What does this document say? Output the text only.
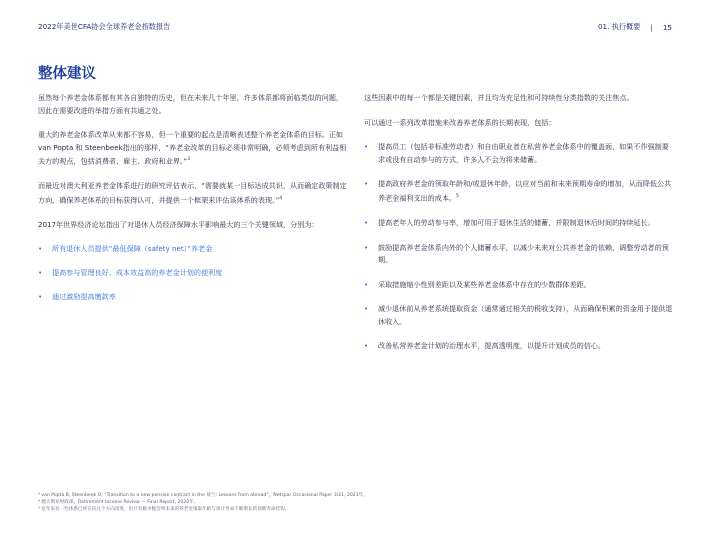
2022年美世CFA协会全球养老金指数报告	01. 执行概要 | 15
整体建议

虽然每个养老金体系都有其各自独特的历史，但在未来几十年里，许多体系都将面临类似的问题，因此在需要改进的举措方面有共通之处。

重大的养老金体系改革从来都不容易，但一个重要的起点是清晰表述整个养老金体系的目标。正如van Popta 和 Steenbeek指出的那样，“养老金改革的目标必须非常明确，必须考虑到所有利益相关方的观点，包括消费者、雇主、政府和业界。”$^3$

而最近对澳大利亚养老金体系进行的研究评估表示，“需要就某一目标达成共识，从而确定政策制定方向，确保养老体系的目标获得认可，并提供一个框架来评估该体系的表现。”$^4$

2017年世界经济论坛指出了对退休人员经济保障水平影响最大的三个关键领域，分别为：

• 所有退休人员提供“最低保障（safety net）”养老金
• 提高参与管理良好、成本效益高的养老金计划的便利度
• 通过激励提高缴款率

这些因素中的每一个都是关键因素，并且均为充足性和可持续性分类指数的关注焦点。

可以通过一系列改革措施来改善养老体系的长期表现，包括：

• 提高员工（包括非标准劳动者）和自由职业者在私营养老金体系中的覆盖面，如果不作强制要求或没有自动参与的方式，许多人不会为将来储蓄。
• 提高政府养老金的领取年龄和/或退休年龄，以应对当前和未来预期寿命的增加，从而降低公共养老金福利支出的成本。$^5$
• 提高老年人的劳动参与率，增加可用于退休生活的储蓄，并限制退休后时间的持续延长。
• 鼓励提高养老金体系内外的个人储蓄水平，以减少未来对公共养老金的依赖，调整劳动者的预期。
• 采取措施缩小性别差距以及某些养老金体系中存在的少数群体差距。
• 减少退休前从养老系统提取资金（通常通过相关的税收支持），从而确保积累的资金用于提供退休收入。
• 改善私营养老金计划的治理水平，提高透明度，以提升计划成员的信心。
³ van Popta B, Steenbeek O, “Transition to a new pension contract in the 荷兰: Lessons from abroad”，Netspar Occasional Paper 3/21, 2021年。
⁴ 澳大利亚财政部。Retirement Income Review — Final Report, 2020年。
⁵ 近年来有一些体系已经在向这个方向改进，但只有极少数会将未来的养老金领取年龄与预计寿命不断增长的预期寿命挂钩。
